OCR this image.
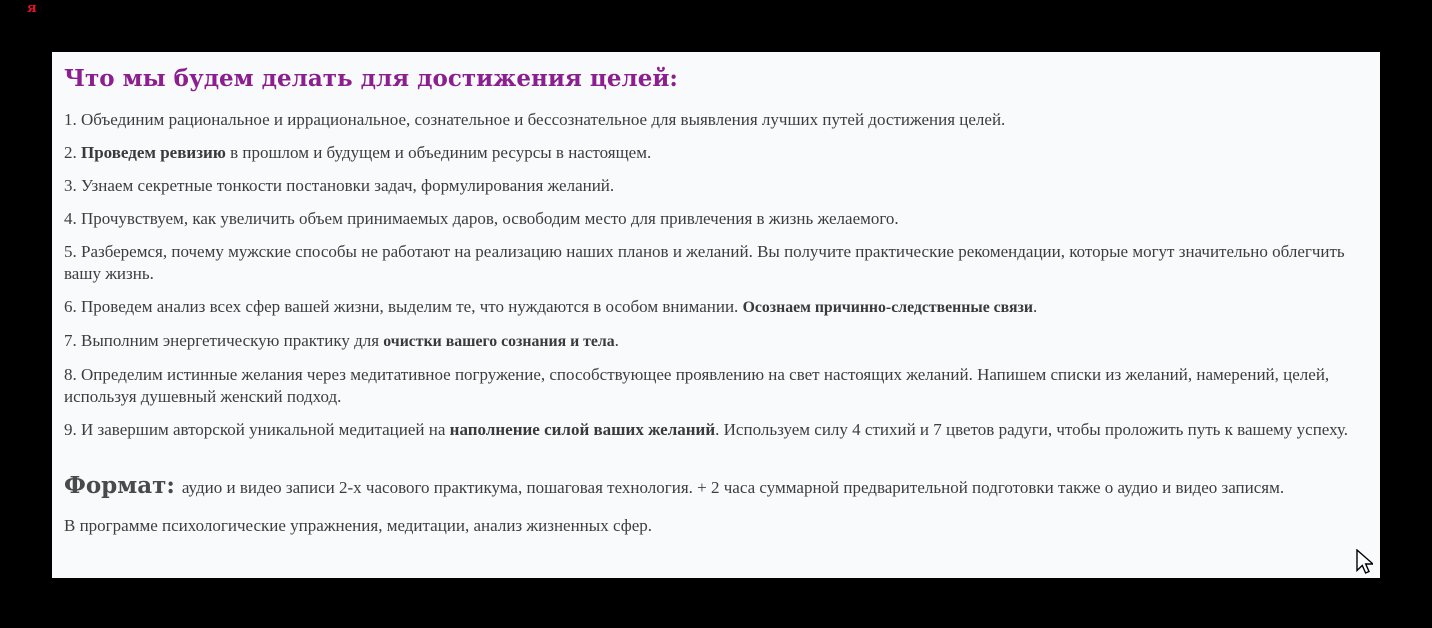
я
Что мы будем делать для достижения целей:

1. Объединим рациональное и иррациональное, сознательное и бессознательное для выявления лучших путей достижения целей.

2. Проведем ревизию в прошлом и будущем и объединим ресурсы в настоящем.

3. Узнаем секретные тонкости постановки задач, формулирования желаний.

4. Прочувствуем, как увеличить объем принимаемых даров, освободим место для привлечения в жизнь желаемого.

5. Разберемся, почему мужские способы не работают на реализацию наших планов и желаний. Вы получите практические рекомендации, которые могут значительно облегчить вашу жизнь.

6. Проведем анализ всех сфер вашей жизни, выделим те, что нуждаются в особом внимании. Осознаем причинно-следственные связи.

7. Выполним энергетическую практику для очистки вашего сознания и тела.

8. Определим истинные желания через медитативное погружение, способствующее проявлению на свет настоящих желаний. Напишем списки из желаний, намерений, целей, используя душевный женский подход.

9. И завершим авторской уникальной медитацией на наполнение силой ваших желаний. Используем силу 4 стихий и 7 цветов радуги, чтобы проложить путь к вашему успеху.

Формат: аудио и видео записи 2-х часового практикума, пошаговая технология. + 2 часа суммарной предварительной подготовки также о аудио и видео записям.

В программе психологические упражнения, медитации, анализ жизненных сфер.
